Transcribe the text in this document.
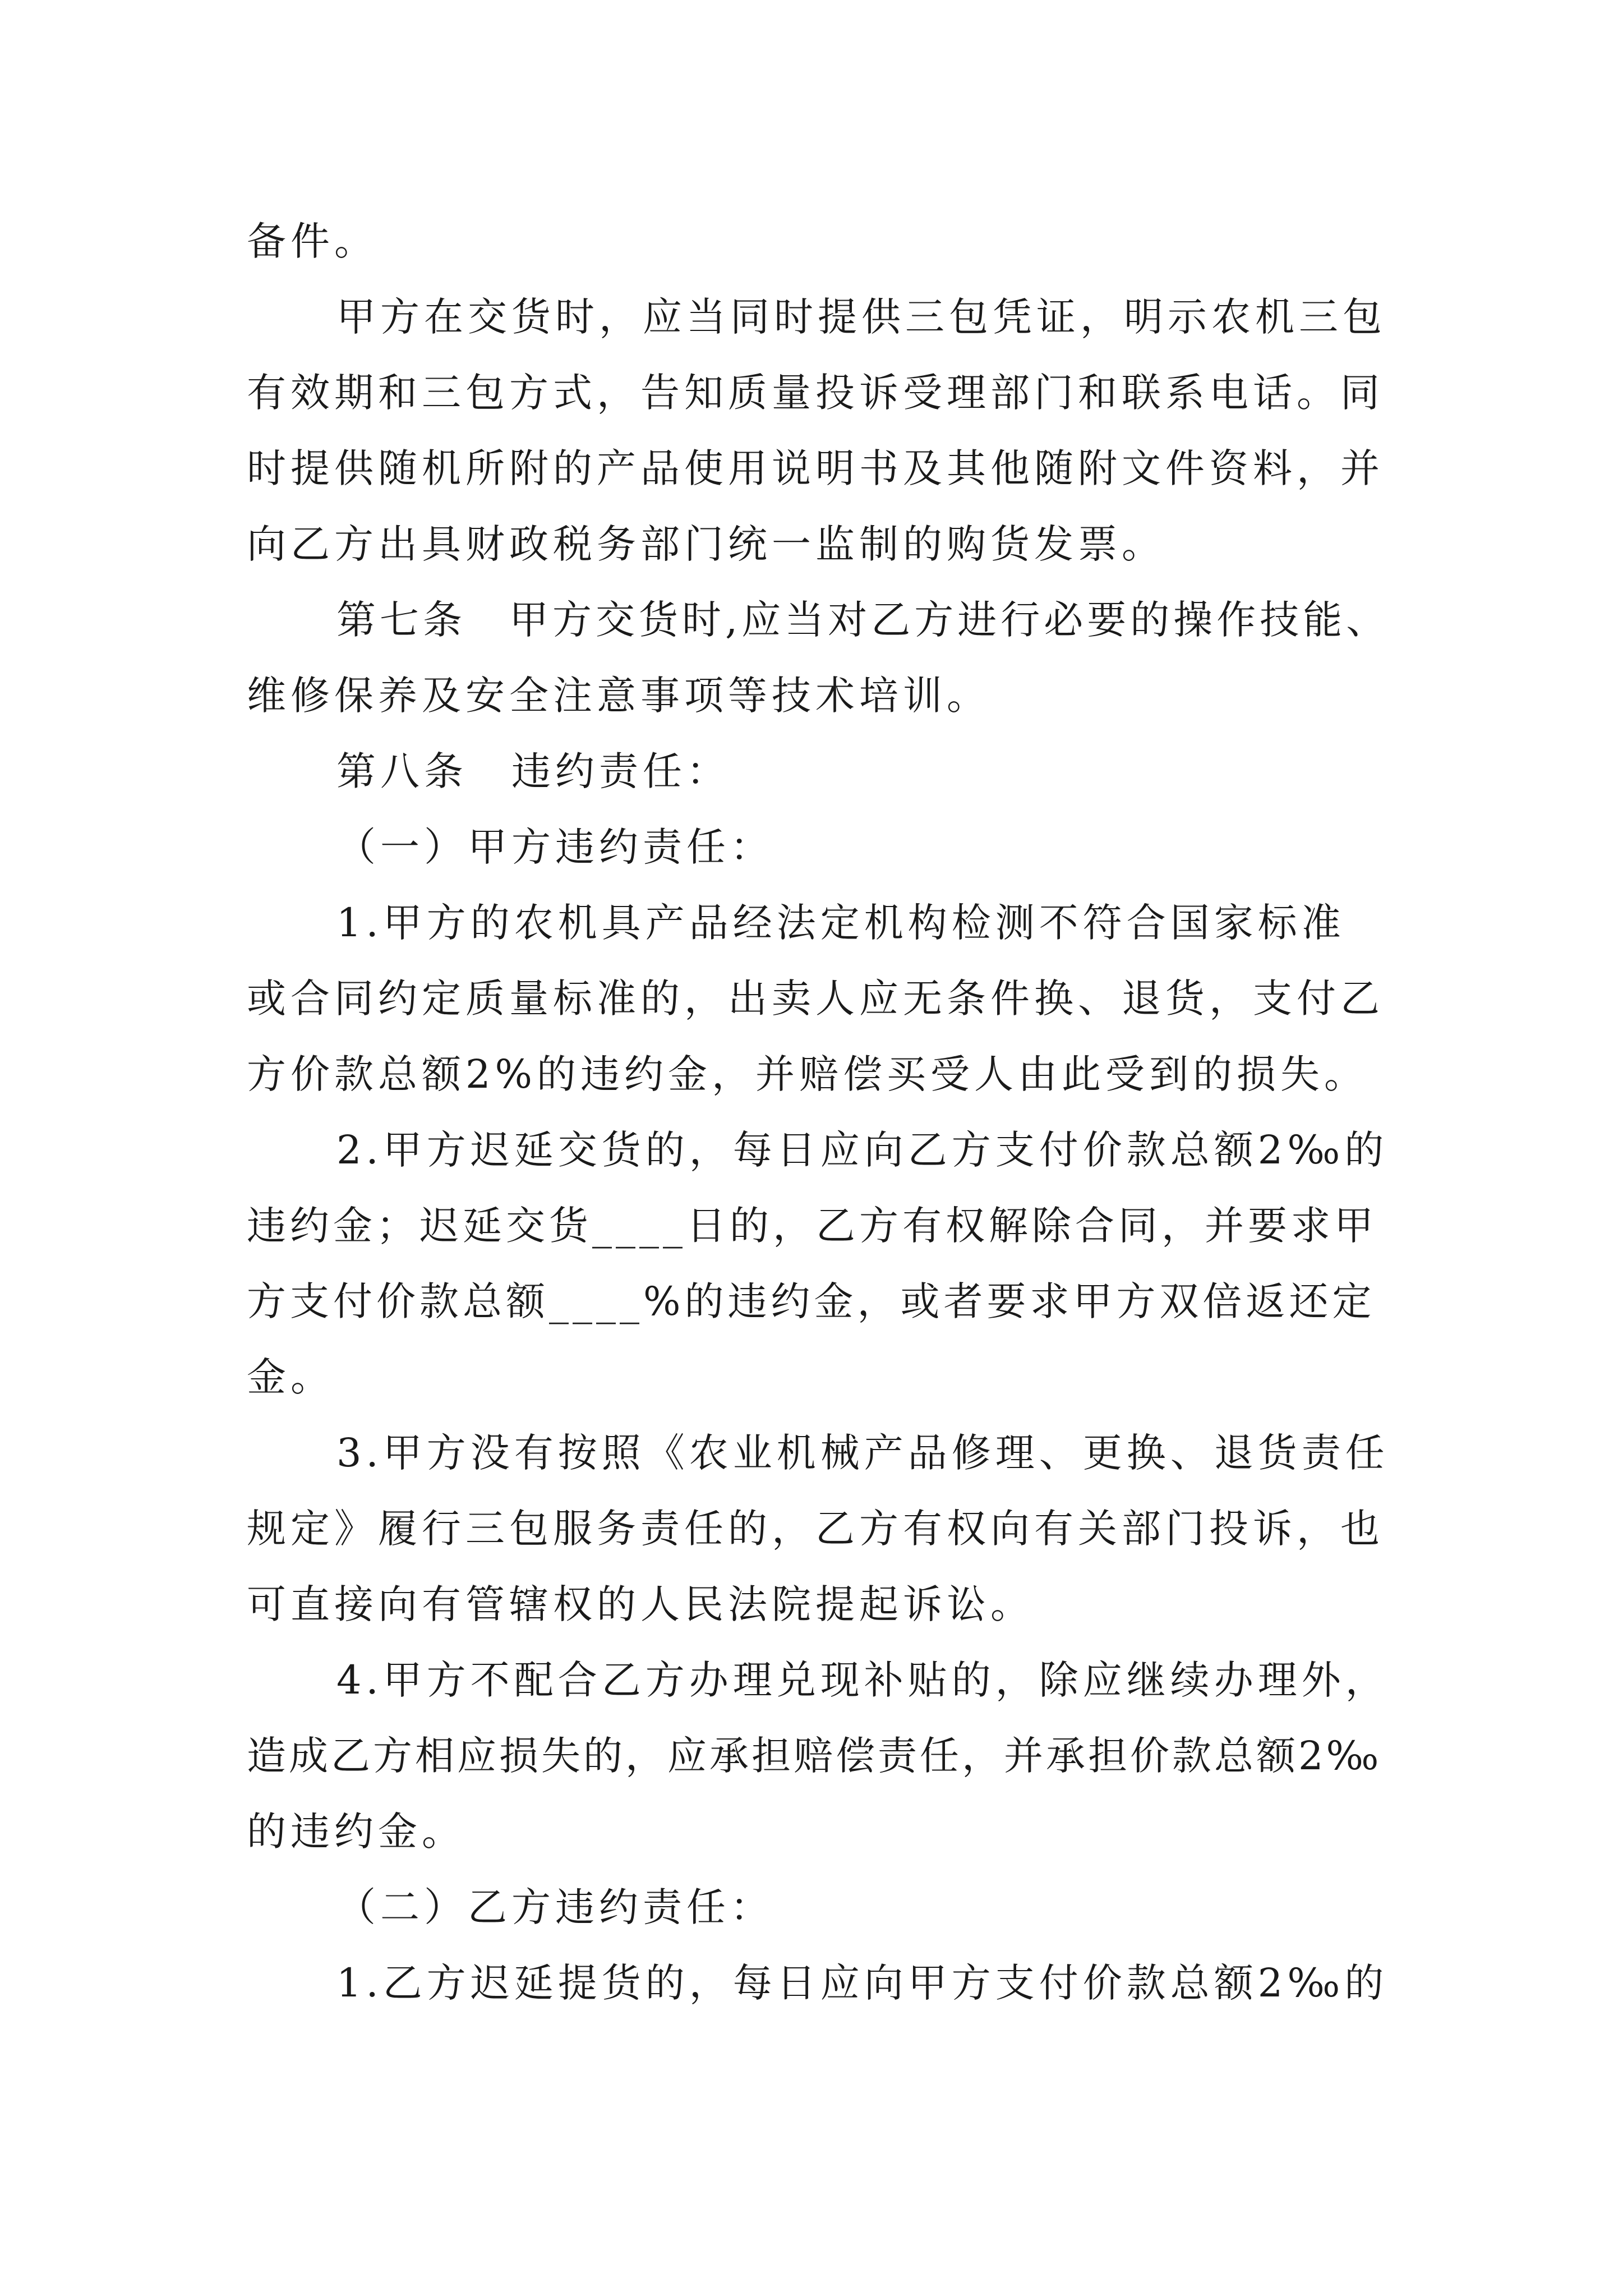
备件。
甲方在交货时，应当同时提供三包凭证，明示农机三包
有效期和三包方式，告知质量投诉受理部门和联系电话。同
时提供随机所附的产品使用说明书及其他随附文件资料，并
向乙方出具财政税务部门统一监制的购货发票。
第七条　甲方交货时,应当对乙方进行必要的操作技能、
维修保养及安全注意事项等技术培训。
第八条　违约责任：
（一）甲方违约责任：
1.甲方的农机具产品经法定机构检测不符合国家标准
或合同约定质量标准的，出卖人应无条件换、退货，支付乙
方价款总额2%的违约金，并赔偿买受人由此受到的损失。
2.甲方迟延交货的，每日应向乙方支付价款总额2‰的
违约金；迟延交货____日的，乙方有权解除合同，并要求甲
方支付价款总额____%的违约金，或者要求甲方双倍返还定
金。
3.甲方没有按照《农业机械产品修理、更换、退货责任
规定》履行三包服务责任的，乙方有权向有关部门投诉，也
可直接向有管辖权的人民法院提起诉讼。
4.甲方不配合乙方办理兑现补贴的，除应继续办理外，
造成乙方相应损失的，应承担赔偿责任，并承担价款总额2‰
的违约金。
（二）乙方违约责任：
1.乙方迟延提货的，每日应向甲方支付价款总额2‰的
